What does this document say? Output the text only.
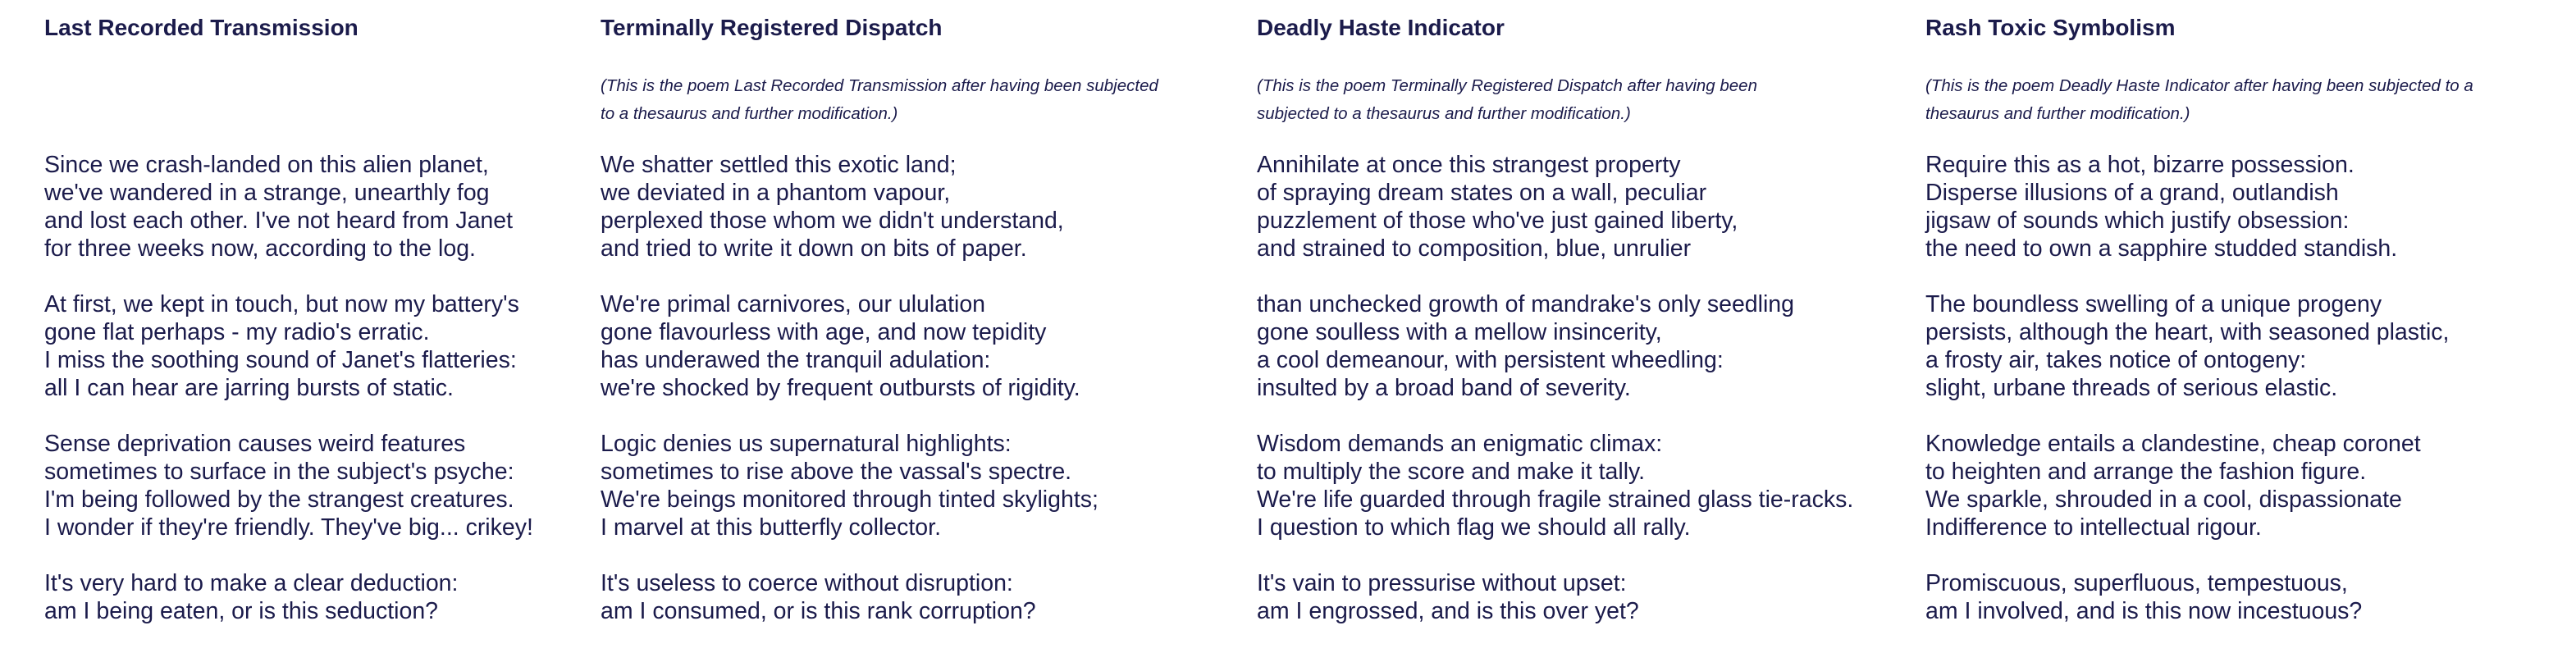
Last Recorded Transmission
Since we crash-landed on this alien planet,
we've wandered in a strange, unearthly fog
and lost each other. I've not heard from Janet
for three weeks now, according to the log.
At first, we kept in touch, but now my battery's
gone flat perhaps - my radio's erratic.
I miss the soothing sound of Janet's flatteries:
all I can hear are jarring bursts of static.
Sense deprivation causes weird features
sometimes to surface in the subject's psyche:
I'm being followed by the strangest creatures.
I wonder if they're friendly. They've big... crikey!
It's very hard to make a clear deduction:
am I being eaten, or is this seduction?
Terminally Registered Dispatch
(This is the poem Last Recorded Transmission after having been subjected
to a thesaurus and further modification.)
We shatter settled this exotic land;
we deviated in a phantom vapour,
perplexed those whom we didn't understand,
and tried to write it down on bits of paper.
We're primal carnivores, our ululation
gone flavourless with age, and now tepidity
has underawed the tranquil adulation:
we're shocked by frequent outbursts of rigidity.
Logic denies us supernatural highlights:
sometimes to rise above the vassal's spectre.
We're beings monitored through tinted skylights;
I marvel at this butterfly collector.
It's useless to coerce without disruption:
am I consumed, or is this rank corruption?
Deadly Haste Indicator
(This is the poem Terminally Registered Dispatch after having been
subjected to a thesaurus and further modification.)
Annihilate at once this strangest property
of spraying dream states on a wall, peculiar
puzzlement of those who've just gained liberty,
and strained to composition, blue, unrulier
than unchecked growth of mandrake's only seedling
gone soulless with a mellow insincerity,
a cool demeanour, with persistent wheedling:
insulted by a broad band of severity.
Wisdom demands an enigmatic climax:
to multiply the score and make it tally.
We're life guarded through fragile strained glass tie-racks.
I question to which flag we should all rally.
It's vain to pressurise without upset:
am I engrossed, and is this over yet?
Rash Toxic Symbolism
(This is the poem Deadly Haste Indicator after having been subjected to a
thesaurus and further modification.)
Require this as a hot, bizarre possession.
Disperse illusions of a grand, outlandish
jigsaw of sounds which justify obsession:
the need to own a sapphire studded standish.
The boundless swelling of a unique progeny
persists, although the heart, with seasoned plastic,
a frosty air, takes notice of ontogeny:
slight, urbane threads of serious elastic.
Knowledge entails a clandestine, cheap coronet
to heighten and arrange the fashion figure.
We sparkle, shrouded in a cool, dispassionate
Indifference to intellectual rigour.
Promiscuous, superfluous, tempestuous,
am I involved, and is this now incestuous?
